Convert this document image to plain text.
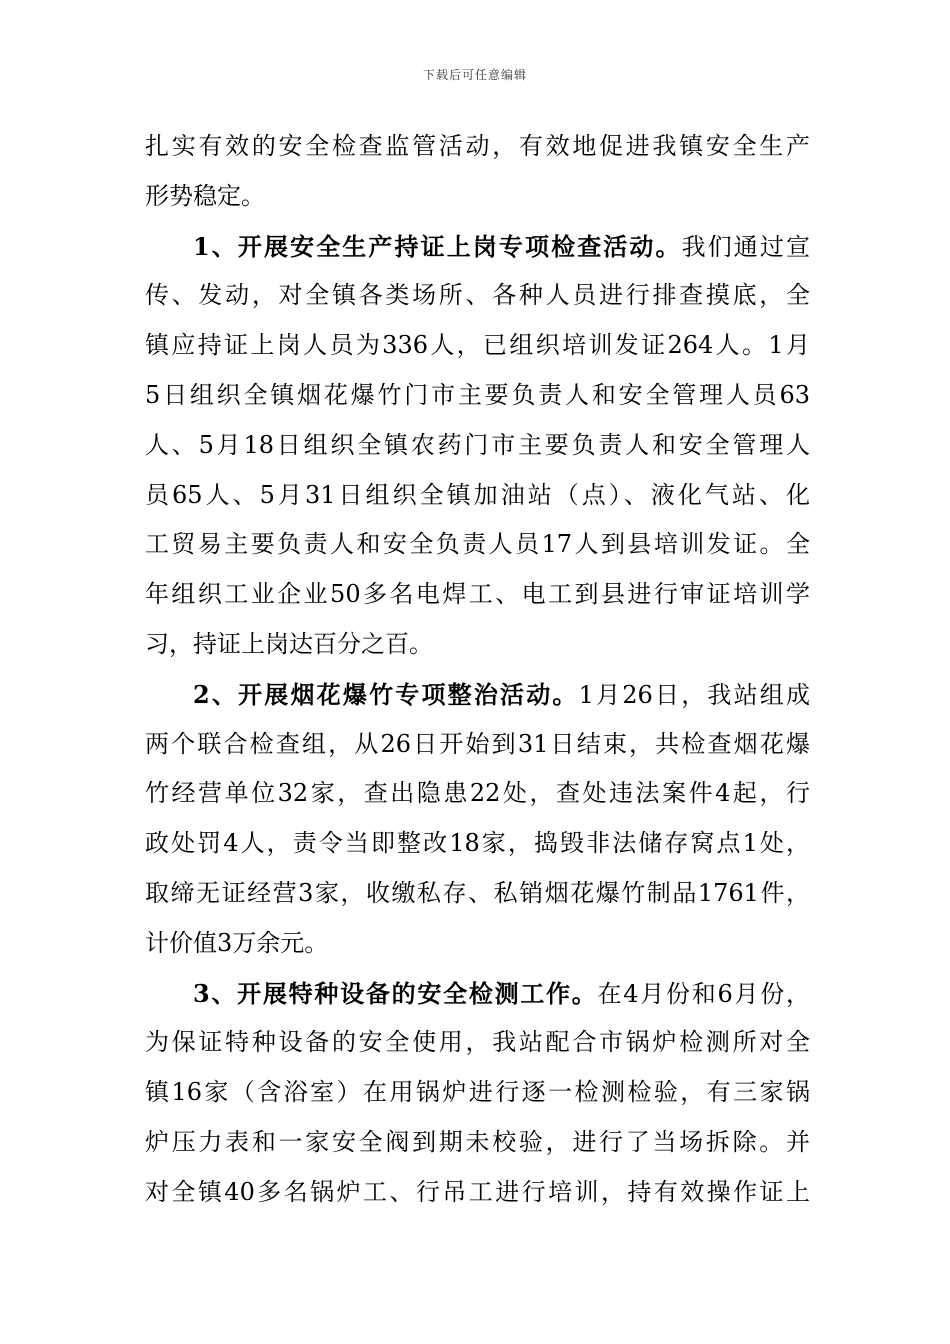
下载后可任意编辑
扎实有效的安全检查监管活动，有效地促进我镇安全生产
形势稳定。
1、开展安全生产持证上岗专项检查活动。我们通过宣
传、发动，对全镇各类场所、各种人员进行排查摸底，全
镇应持证上岗人员为336人，已组织培训发证264人。1月
5日组织全镇烟花爆竹门市主要负责人和安全管理人员63
人、5月18日组织全镇农药门市主要负责人和安全管理人
员65人、5月31日组织全镇加油站（点）、液化气站、化
工贸易主要负责人和安全负责人员17人到县培训发证。全
年组织工业企业50多名电焊工、电工到县进行审证培训学
习，持证上岗达百分之百。
2、开展烟花爆竹专项整治活动。1月26日，我站组成
两个联合检查组，从26日开始到31日结束，共检查烟花爆
竹经营单位32家，查出隐患22处，查处违法案件4起，行
政处罚4人，责令当即整改18家，捣毁非法储存窝点1处，
取缔无证经营3家，收缴私存、私销烟花爆竹制品1761件，
计价值3万余元。
3、开展特种设备的安全检测工作。在4月份和6月份，
为保证特种设备的安全使用，我站配合市锅炉检测所对全
镇16家（含浴室）在用锅炉进行逐一检测检验，有三家锅
炉压力表和一家安全阀到期未校验，进行了当场拆除。并
对全镇40多名锅炉工、行吊工进行培训，持有效操作证上
